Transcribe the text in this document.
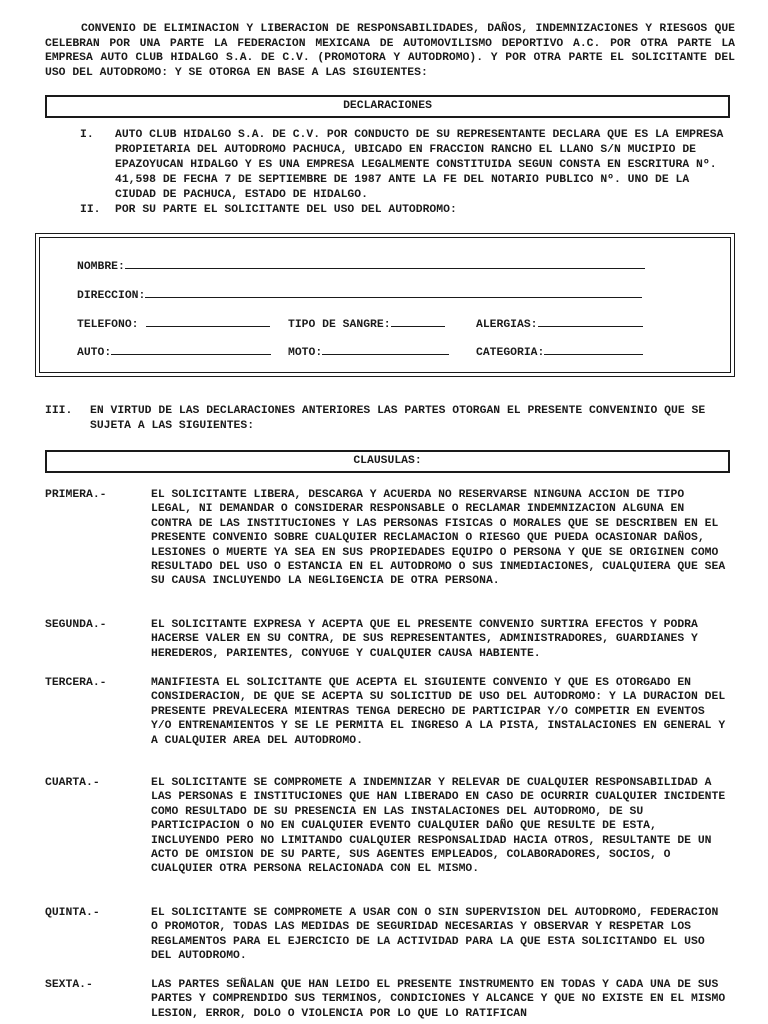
CONVENIO DE ELIMINACION Y LIBERACION DE RESPONSABILIDADES, DAÑOS, INDEMNIZACIONES Y RIESGOS QUE CELEBRAN POR UNA PARTE LA FEDERACION MEXICANA DE AUTOMOVILISMO DEPORTIVO A.C. POR OTRA PARTE LA EMPRESA AUTO CLUB HIDALGO S.A. DE C.V. (PROMOTORA Y AUTODROMO). Y POR OTRA PARTE EL SOLICITANTE DEL USO DEL AUTODROMO: Y SE OTORGA EN BASE A LAS SIGUIENTES:
DECLARACIONES
I. AUTO CLUB HIDALGO S.A. DE C.V. POR CONDUCTO DE SU REPRESENTANTE DECLARA QUE ES LA EMPRESA PROPIETARIA DEL AUTODROMO PACHUCA, UBICADO EN FRACCION RANCHO EL LLANO S/N MUCIPIO DE EPAZOYUCAN HIDALGO Y ES UNA EMPRESA LEGALMENTE CONSTITUIDA SEGUN CONSTA EN ESCRITURA Nº. 41,598 DE FECHA 7 DE SEPTIEMBRE DE 1987 ANTE LA FE DEL NOTARIO PUBLICO Nº. UNO DE LA CIUDAD DE PACHUCA, ESTADO DE HIDALGO.
II. POR SU PARTE EL SOLICITANTE DEL USO DEL AUTODROMO:
NOMBRE:
DIRECCION:
TELEFONO:	TIPO DE SANGRE:	ALERGIAS:
AUTO:	MOTO:	CATEGORIA:
III. EN VIRTUD DE LAS DECLARACIONES ANTERIORES LAS PARTES OTORGAN EL PRESENTE CONVENINIO QUE SE SUJETA A LAS SIGUIENTES:
CLAUSULAS:
PRIMERA.-	EL SOLICITANTE LIBERA, DESCARGA Y ACUERDA NO RESERVARSE NINGUNA ACCION DE TIPO LEGAL, NI DEMANDAR O CONSIDERAR RESPONSABLE O RECLAMAR INDEMNIZACION ALGUNA EN CONTRA DE LAS INSTITUCIONES Y LAS PERSONAS FISICAS O MORALES QUE SE DESCRIBEN EN EL PRESENTE CONVENIO SOBRE CUALQUIER RECLAMACION O RIESGO QUE PUEDA OCASIONAR DAÑOS, LESIONES O MUERTE YA SEA EN SUS PROPIEDADES EQUIPO O PERSONA Y QUE SE ORIGINEN COMO RESULTADO DEL USO O ESTANCIA EN EL AUTODROMO O SUS INMEDIACIONES, CUALQUIERA QUE SEA SU CAUSA INCLUYENDO LA NEGLIGENCIA DE OTRA PERSONA.
SEGUNDA.-	EL SOLICITANTE EXPRESA Y ACEPTA QUE EL PRESENTE CONVENIO SURTIRA EFECTOS Y PODRA HACERSE VALER EN SU CONTRA, DE SUS REPRESENTANTES, ADMINISTRADORES, GUARDIANES Y HEREDEROS, PARIENTES, CONYUGE Y CUALQUIER CAUSA HABIENTE.
TERCERA.-	MANIFIESTA EL SOLICITANTE QUE ACEPTA EL SIGUIENTE CONVENIO Y QUE ES OTORGADO EN CONSIDERACION, DE QUE SE ACEPTA SU SOLICITUD DE USO DEL AUTODROMO: Y LA DURACION DEL PRESENTE PREVALECERA MIENTRAS TENGA DERECHO DE PARTICIPAR Y/O COMPETIR EN EVENTOS Y/O ENTRENAMIENTOS Y SE LE PERMITA EL INGRESO A LA PISTA, INSTALACIONES EN GENERAL Y A CUALQUIER AREA DEL AUTODROMO.
CUARTA.-	EL SOLICITANTE SE COMPROMETE A INDEMNIZAR Y RELEVAR DE CUALQUIER RESPONSABILIDAD A LAS PERSONAS E INSTITUCIONES QUE HAN LIBERADO EN CASO DE OCURRIR CUALQUIER INCIDENTE COMO RESULTADO DE SU PRESENCIA EN LAS INSTALACIONES DEL AUTODROMO, DE SU PARTICIPACION O NO EN CUALQUIER EVENTO CUALQUIER DAÑO QUE RESULTE DE ESTA, INCLUYENDO PERO NO LIMITANDO CUALQUIER RESPONSALIDAD HACIA OTROS, RESULTANTE DE UN ACTO DE OMISION DE SU PARTE, SUS AGENTES EMPLEADOS, COLABORADORES, SOCIOS, O CUALQUIER OTRA PERSONA RELACIONADA CON EL MISMO.
QUINTA.-	EL SOLICITANTE SE COMPROMETE A USAR CON O SIN SUPERVISION DEL AUTODROMO, FEDERACION O PROMOTOR, TODAS LAS MEDIDAS DE SEGURIDAD NECESARIAS Y OBSERVAR Y RESPETAR LOS REGLAMENTOS PARA EL EJERCICIO DE LA ACTIVIDAD PARA LA QUE ESTA SOLICITANDO EL USO DEL AUTODROMO.
SEXTA.-	LAS PARTES SEÑALAN QUE HAN LEIDO EL PRESENTE INSTRUMENTO EN TODAS Y CADA UNA DE SUS PARTES Y COMPRENDIDO SUS TERMINOS, CONDICIONES Y ALCANCE Y QUE NO EXISTE EN EL MISMO LESION, ERROR, DOLO O VIOLENCIA POR LO QUE LO RATIFICAN
